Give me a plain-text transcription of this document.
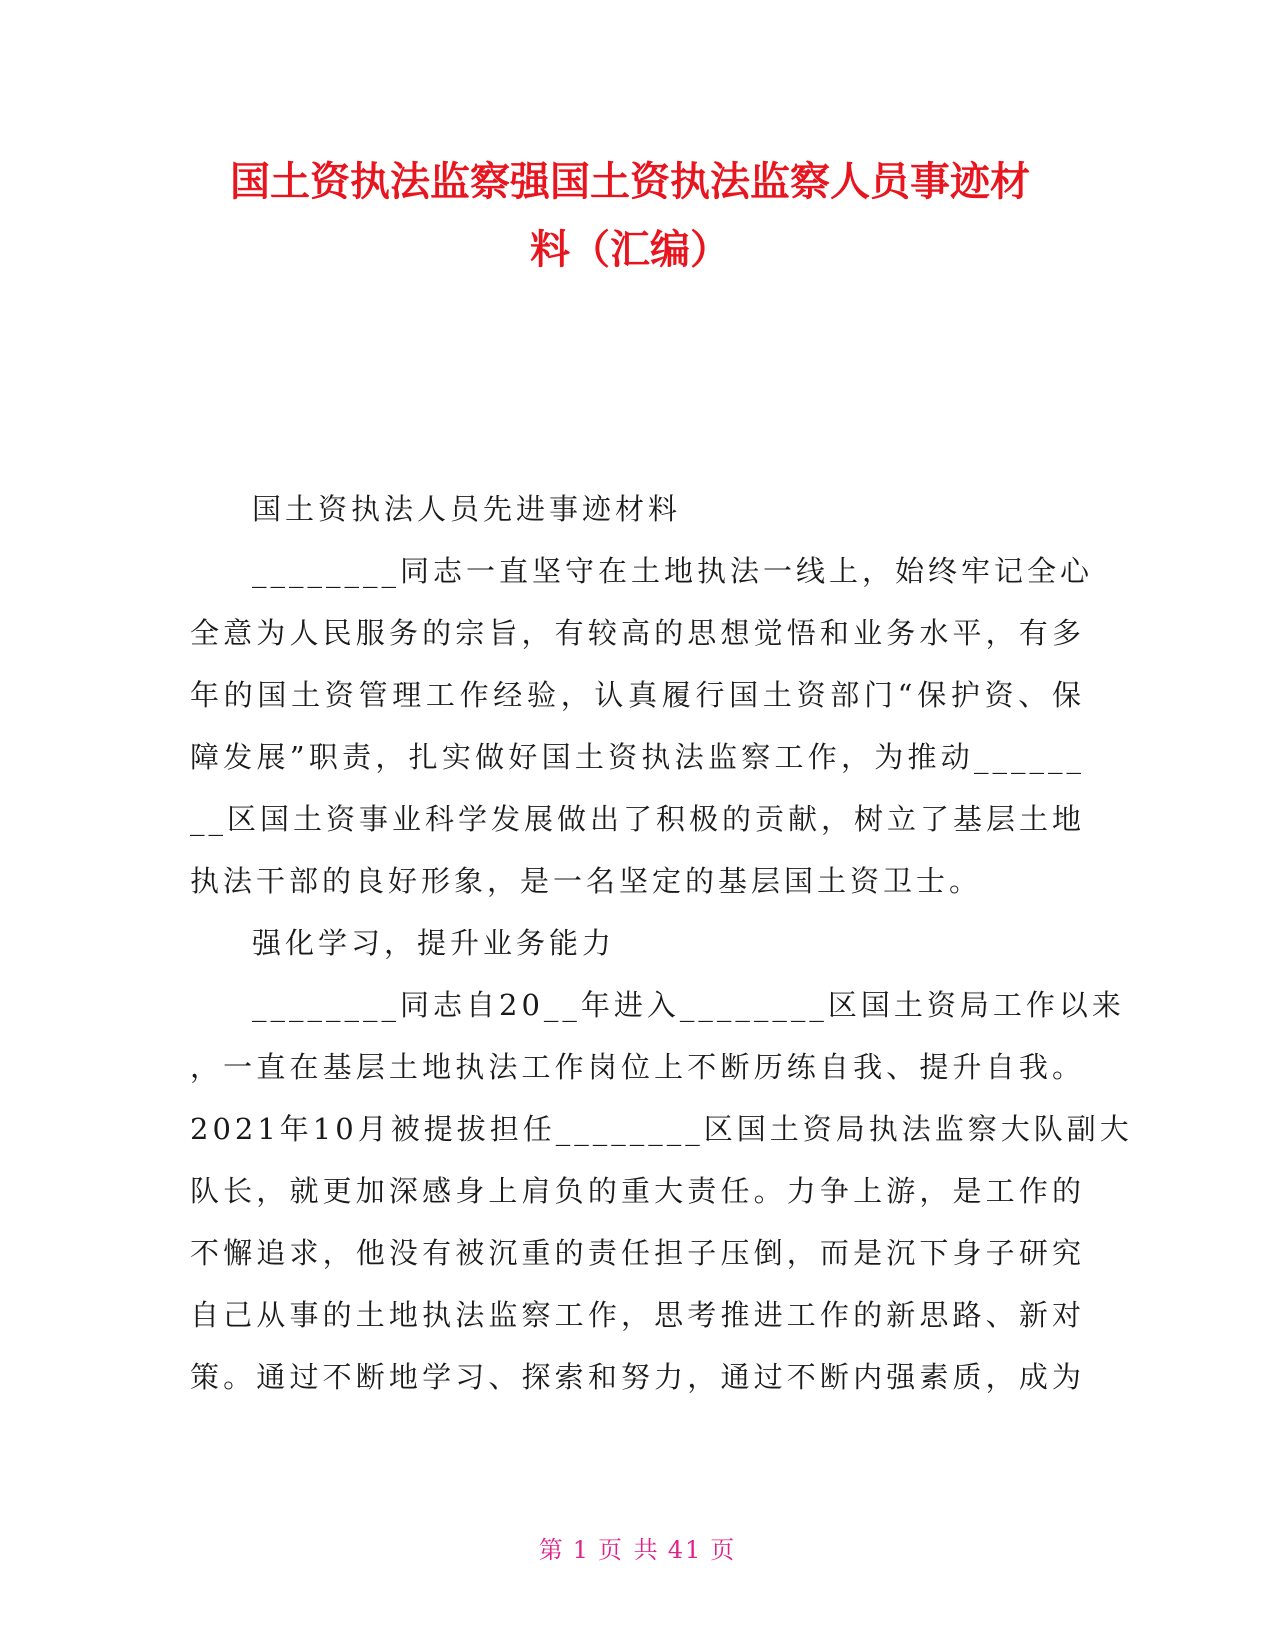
国土资执法监察强国土资执法监察人员事迹材
料（汇编）
国土资执法人员先进事迹材料
________同志一直坚守在土地执法一线上，始终牢记全心
全意为人民服务的宗旨，有较高的思想觉悟和业务水平，有多
年的国土资管理工作经验，认真履行国土资部门“保护资、保
障发展”职责，扎实做好国土资执法监察工作，为推动______
__区国土资事业科学发展做出了积极的贡献，树立了基层土地
执法干部的良好形象，是一名坚定的基层国土资卫士。
强化学习，提升业务能力
________同志自20__年进入________区国土资局工作以来
，一直在基层土地执法工作岗位上不断历练自我、提升自我。
2021年10月被提拔担任________区国土资局执法监察大队副大
队长，就更加深感身上肩负的重大责任。力争上游，是工作的
不懈追求，他没有被沉重的责任担子压倒，而是沉下身子研究
自己从事的土地执法监察工作，思考推进工作的新思路、新对
策。通过不断地学习、探索和努力，通过不断内强素质，成为
第 1 页 共 41 页
